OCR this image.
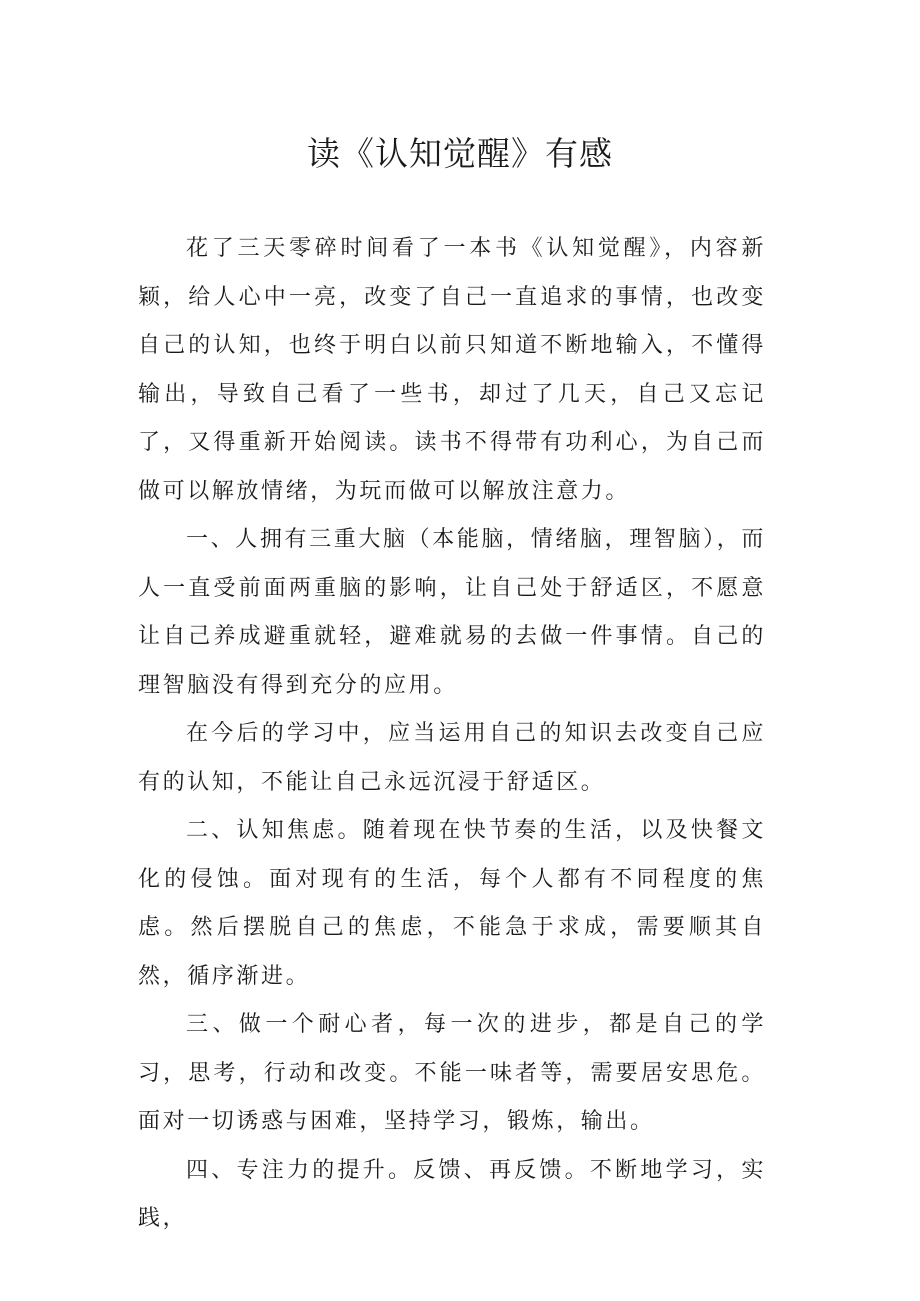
读《认知觉醒》有感

花了三天零碎时间看了一本书《认知觉醒》，内容新颖，给人心中一亮，改变了自己一直追求的事情，也改变自己的认知，也终于明白以前只知道不断地输入，不懂得输出，导致自己看了一些书，却过了几天，自己又忘记了，又得重新开始阅读。读书不得带有功利心，为自己而做可以解放情绪，为玩而做可以解放注意力。

一、人拥有三重大脑（本能脑，情绪脑，理智脑），而人一直受前面两重脑的影响，让自己处于舒适区，不愿意让自己养成避重就轻，避难就易的去做一件事情。自己的理智脑没有得到充分的应用。

在今后的学习中，应当运用自己的知识去改变自己应有的认知，不能让自己永远沉浸于舒适区。

二、认知焦虑。随着现在快节奏的生活，以及快餐文化的侵蚀。面对现有的生活，每个人都有不同程度的焦虑。然后摆脱自己的焦虑，不能急于求成，需要顺其自然，循序渐进。

三、做一个耐心者，每一次的进步，都是自己的学习，思考，行动和改变。不能一味者等，需要居安思危。面对一切诱惑与困难，坚持学习，锻炼，输出。

四、专注力的提升。反馈、再反馈。不断地学习，实践，
